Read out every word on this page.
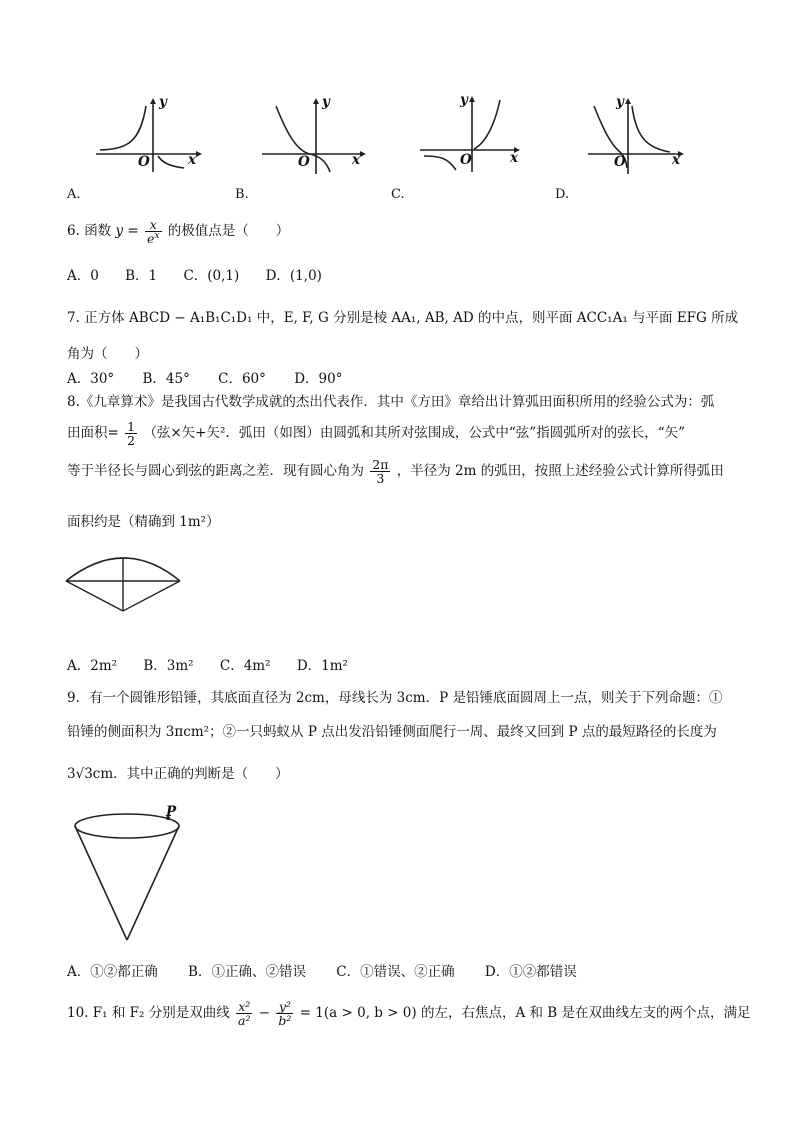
y
x
O
A.
y
x
O
B.
y
x
O
C.
y
x
O
D.
6. 函数 $y = \frac{x}{e^x}$ 的极值点是（　　）
A．0 B．1 C．(0,1) D．(1,0)
7. 正方体 ABCD − A₁B₁C₁D₁ 中，E, F, G 分别是棱 AA₁, AB, AD 的中点，则平面 ACC₁A₁ 与平面 EFG 所成
角为（　　）
A．30° B．45° C．60° D．90°
8.《九章算术》是我国古代数学成就的杰出代表作．其中《方田》章给出计算弧田面积所用的经验公式为：弧
田面积= $\frac{1}{2}$ （弦×矢+矢²．弧田（如图）由圆弧和其所对弦围成，公式中“弦”指圆弧所对的弦长，“矢”
等于半径长与圆心到弦的距离之差．现有圆心角为 $\frac{2\pi}{3}$ ，半径为 2m 的弧田，按照上述经验公式计算所得弧田
面积约是（精确到 1m²）
A．2m² B．3m² C．4m² D．1m²
9．有一个圆锥形铅锤，其底面直径为 2cm，母线长为 3cm．P 是铅锤底面圆周上一点，则关于下列命题：①
铅锤的侧面积为 3πcm²；②一只蚂蚁从 P 点出发沿铅锤侧面爬行一周、最终又回到 P 点的最短路径的长度为
3√3cm．其中正确的判断是（　　）
P
A．①②都正确 B．①正确、②错误 C．①错误、②正确 D．①②都错误
10. F₁ 和 F₂ 分别是双曲线 $\frac{\text{x²}}{\text{a²}} - \frac{\text{y²}}{\text{b²}} = 1(a > 0$, b > 0) 的左，右焦点，A 和 B 是在双曲线左支的两个点，满足
